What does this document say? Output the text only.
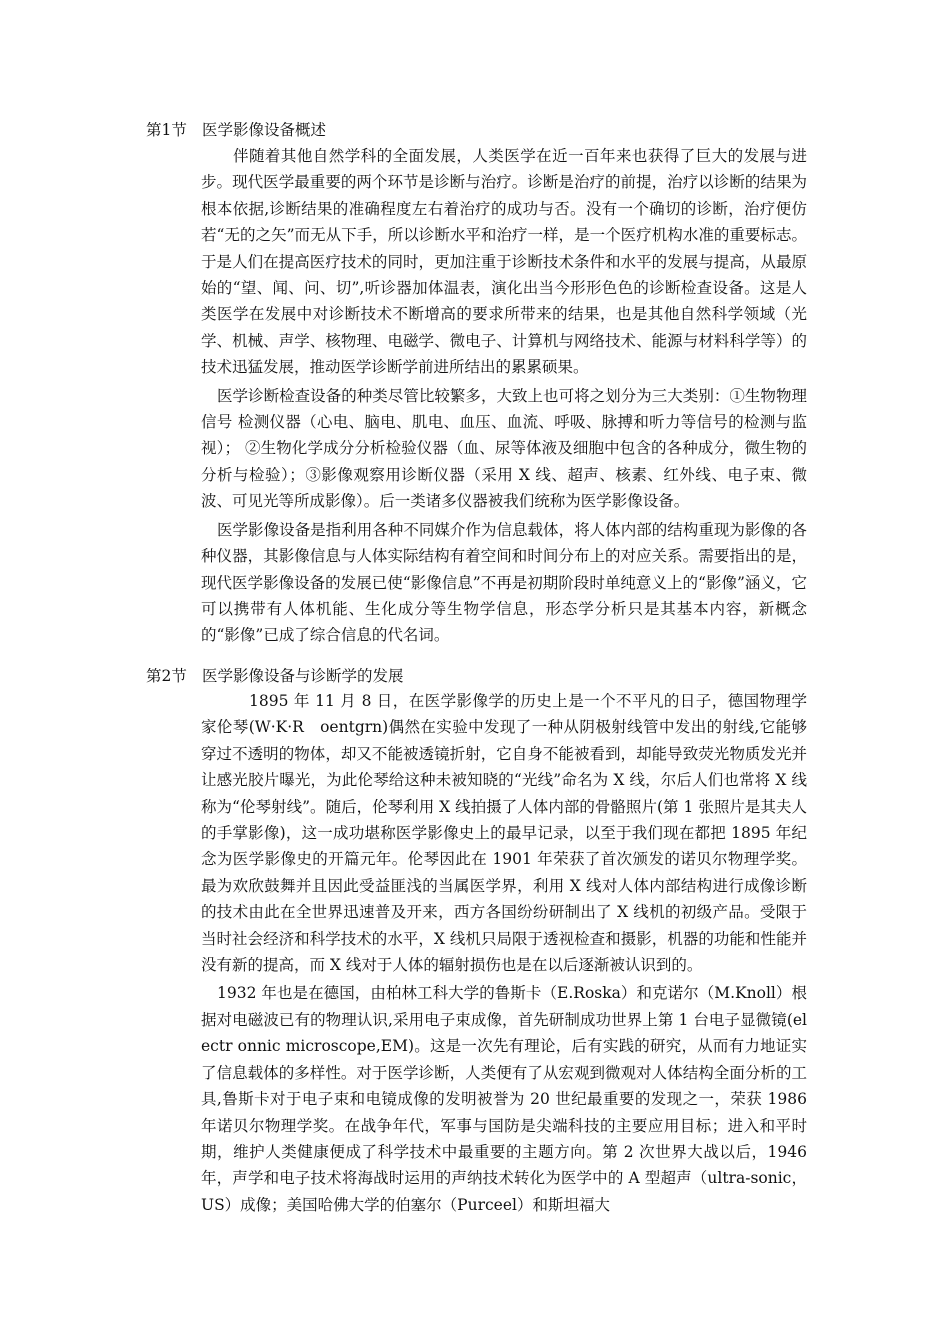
第1节 医学影像设备概述

伴随着其他自然学科的全面发展，人类医学在近一百年来也获得了巨大的发展与进步。现代医学最重要的两个环节是诊断与治疗。诊断是治疗的前提，治疗以诊断的结果为根本依据,诊断结果的准确程度左右着治疗的成功与否。没有一个确切的诊断，治疗便仿若“无的之矢”而无从下手，所以诊断水平和治疗一样，是一个医疗机构水准的重要标志。于是人们在提高医疗技术的同时，更加注重于诊断技术条件和水平的发展与提高，从最原始的“望、闻、问、切”,听诊器加体温表，演化出当今形形色色的诊断检查设备。这是人类医学在发展中对诊断技术不断增高的要求所带来的结果，也是其他自然科学领域（光学、机械、声学、核物理、电磁学、微电子、计算机与网络技术、能源与材料科学等）的技术迅猛发展，推动医学诊断学前进所结出的累累硕果。

医学诊断检查设备的种类尽管比较繁多，大致上也可将之划分为三大类别：①生物物理信号 检测仪器（心电、脑电、肌电、血压、血流、呼吸、脉搏和听力等信号的检测与监视）； ②生物化学成分分析检验仪器（血、尿等体液及细胞中包含的各种成分，微生物的分析与检验）；③影像观察用诊断仪器（采用 X 线、超声、核素、红外线、电子束、微波、可见光等所成影像）。后一类诸多仪器被我们统称为医学影像设备。

医学影像设备是指利用各种不同媒介作为信息载体，将人体内部的结构重现为影像的各种仪器，其影像信息与人体实际结构有着空间和时间分布上的对应关系。需要指出的是，现代医学影像设备的发展已使“影像信息”不再是初期阶段时单纯意义上的“影像”涵义，它可以携带有人体机能、生化成分等生物学信息，形态学分析只是其基本内容，新概念的“影像”已成了综合信息的代名词。

第2节 医学影像设备与诊断学的发展

1895 年 11 月 8 日，在医学影像学的历史上是一个不平凡的日子，德国物理学家伦琴(W·K·R　oentgrn)偶然在实验中发现了一种从阴极射线管中发出的射线,它能够穿过不透明的物体，却又不能被透镜折射，它自身不能被看到，却能导致荧光物质发光并让感光胶片曝光，为此伦琴给这种未被知晓的“光线”命名为 X 线，尔后人们也常将 X 线称为“伦琴射线”。随后，伦琴利用 X 线拍摄了人体内部的骨骼照片(第 1 张照片是其夫人的手掌影像)，这一成功堪称医学影像史上的最早记录，以至于我们现在都把 1895 年纪念为医学影像史的开篇元年。伦琴因此在 1901 年荣获了首次颁发的诺贝尔物理学奖。最为欢欣鼓舞并且因此受益匪浅的当属医学界，利用 X 线对人体内部结构进行成像诊断的技术由此在全世界迅速普及开来，西方各国纷纷研制出了 X 线机的初级产品。受限于当时社会经济和科学技术的水平，X 线机只局限于透视检查和摄影，机器的功能和性能并没有新的提高，而 X 线对于人体的辐射损伤也是在以后逐渐被认识到的。

1932 年也是在德国，由柏林工科大学的鲁斯卡（E.Roska）和克诺尔（M.Knoll）根据对电磁波已有的物理认识,采用电子束成像，首先研制成功世界上第 1 台电子显微镜(electr onnic microscope,EM)。这是一次先有理论，后有实践的研究，从而有力地证实了信息载体的多样性。对于医学诊断，人类便有了从宏观到微观对人体结构全面分析的工具,鲁斯卡对于电子束和电镜成像的发明被誉为 20 世纪最重要的发现之一，荣获 1986 年诺贝尔物理学奖。在战争年代，军事与国防是尖端科技的主要应用目标；进入和平时期，维护人类健康便成了科学技术中最重要的主题方向。第 2 次世界大战以后，1946 年，声学和电子技术将海战时运用的声纳技术转化为医学中的 A 型超声（ultra-sonic，US）成像；美国哈佛大学的伯塞尔（Purceel）和斯坦福大
